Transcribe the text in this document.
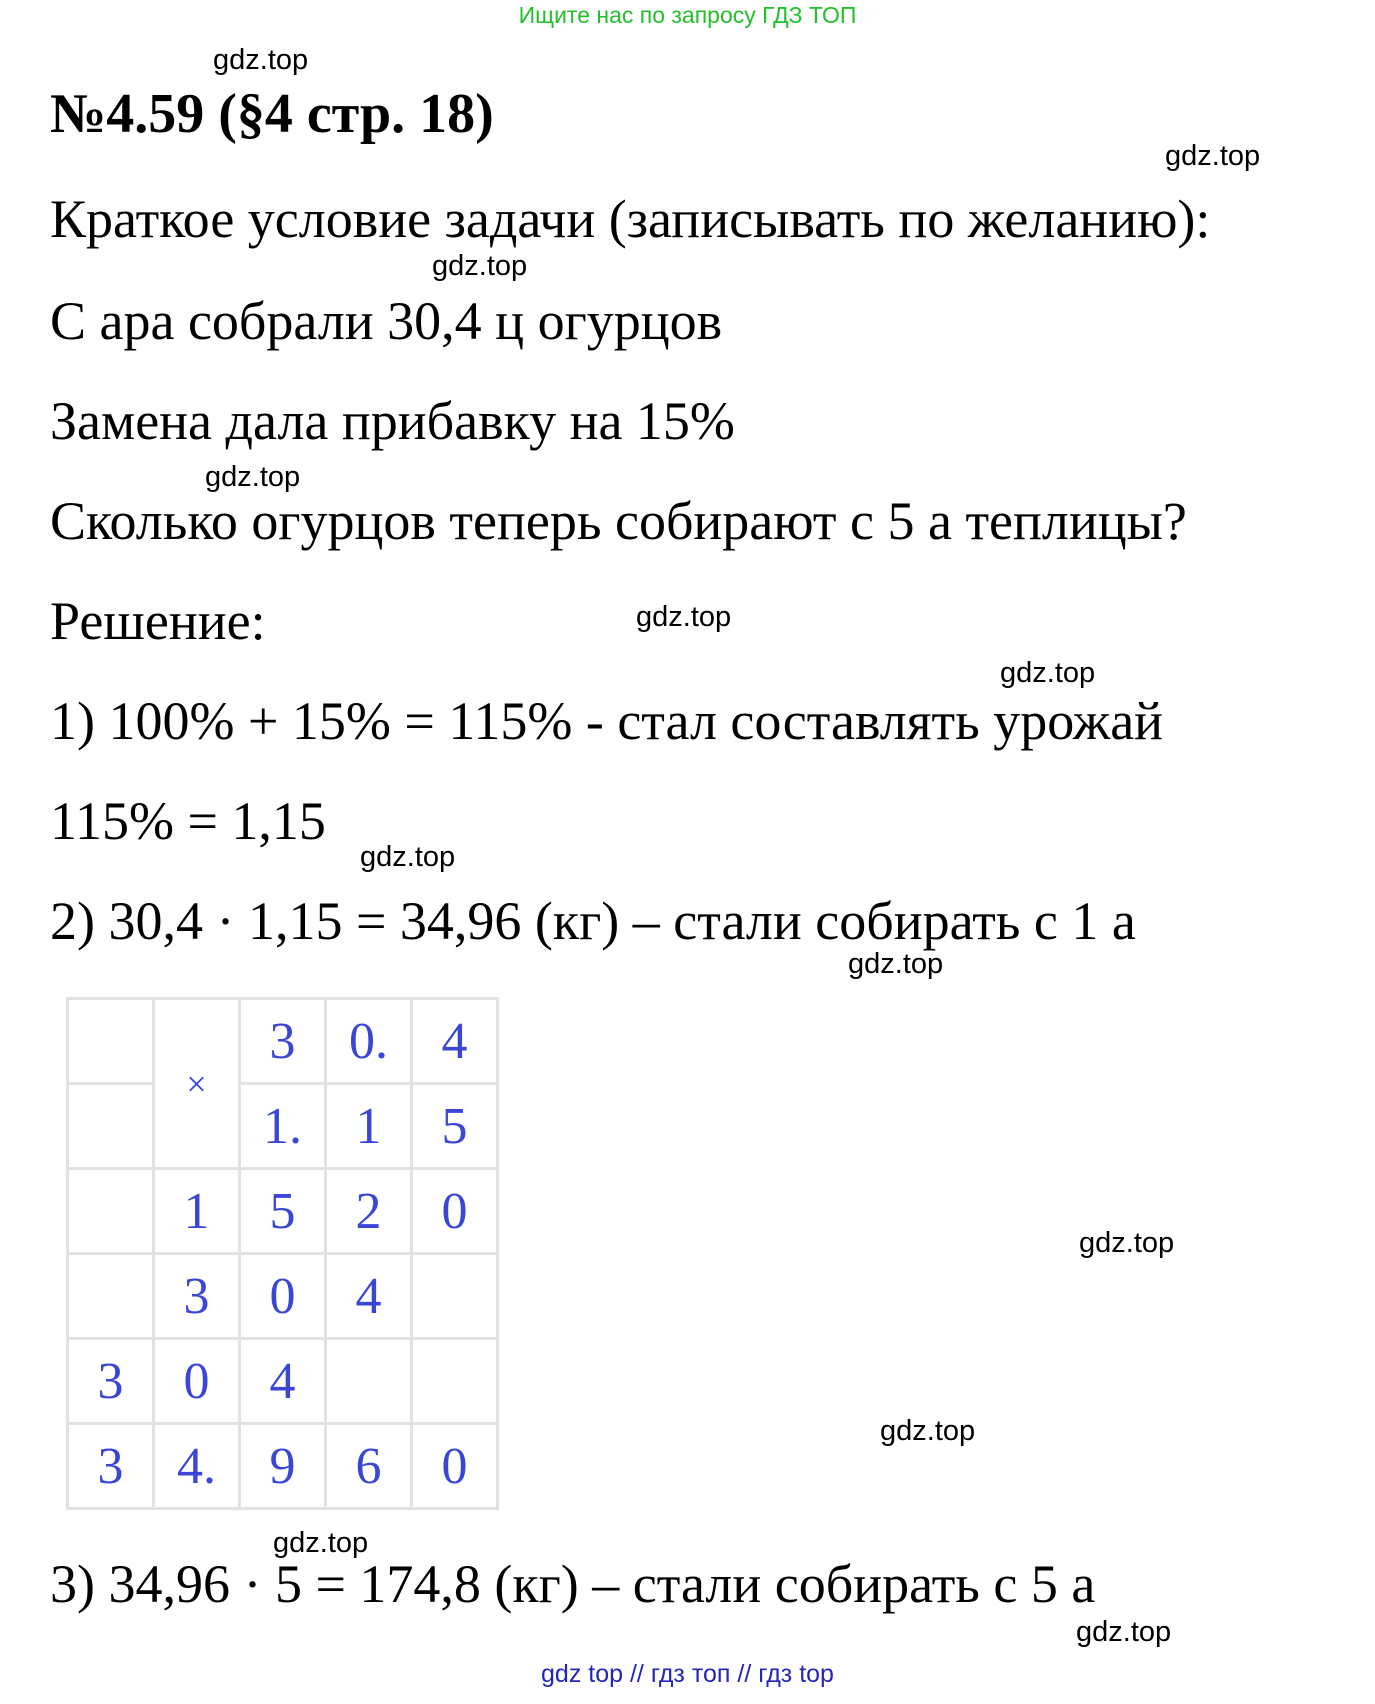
Ищите нас по запросу ГДЗ ТОП
gdz.top
№4.59 (§4 стр. 18)
gdz.top
Краткое условие задачи (записывать по желанию):
gdz.top
С ара собрали 30,4 ц огурцов
Замена дала прибавку на 15%
gdz.top
Сколько огурцов теперь собирают с 5 а теплицы?
Решение:	gdz.top
gdz.top
1) 100% + 15% = 115% - стал составлять урожай
115% = 1,15
gdz.top
2) 30,4 · 1,15 = 34,96 (кг) – стали собирать с 1 а
gdz.top
	×	3	0.	4
		1.	1	5
	1	5	2	0
	3	0	4	
3	0	4		
3	4.	9	6	0
gdz.top
gdz.top
gdz.top
3) 34,96 · 5 = 174,8 (кг) – стали собирать с 5 а
gdz.top
gdz top // гдз топ // гдз top
